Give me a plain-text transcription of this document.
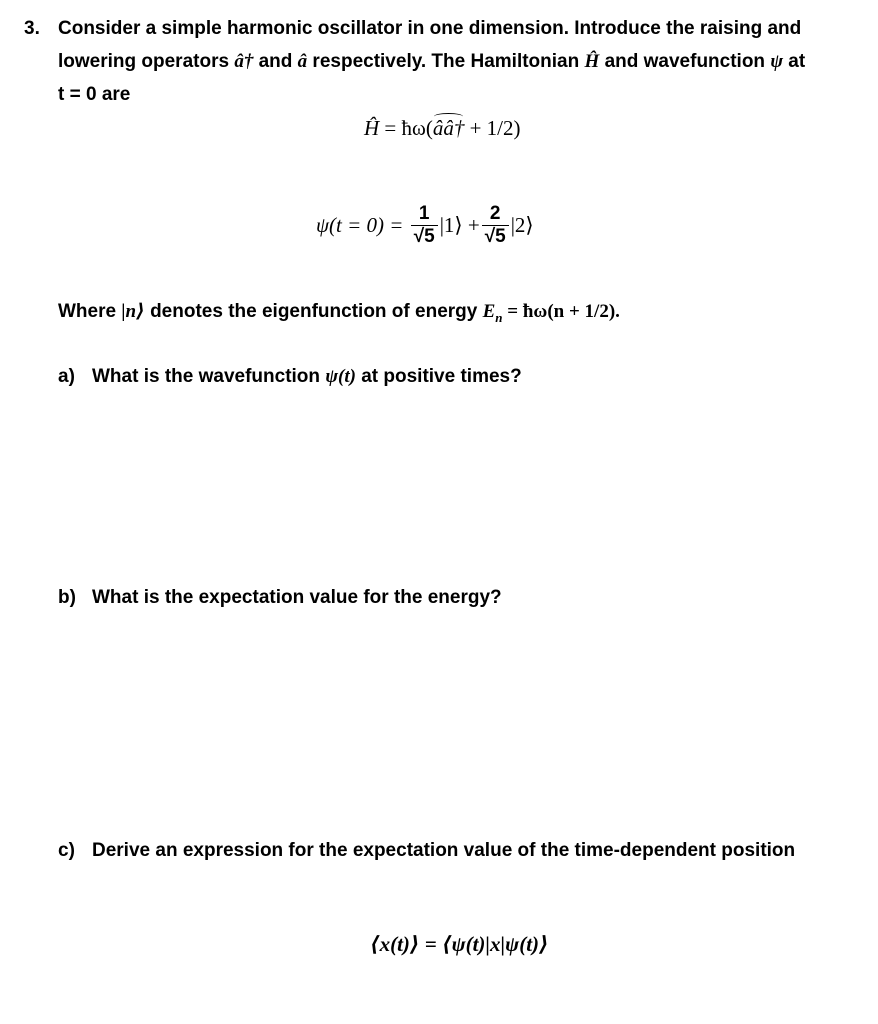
3. Consider a simple harmonic oscillator in one dimension. Introduce the raising and
lowering operators â† and â respectively. The Hamiltonian Ĥ and wavefunction ψ at
t = 0 are
Ĥ = ħω(ââ† + 1/2)
$\psi(t = 0) = \frac{1}{√5}$ |1⟩ + $\frac{2}{√5}$ |2⟩
Where |n⟩ denotes the eigenfunction of energy $E_n$ = ħω(n + 1/2).
a) What is the wavefunction ψ(t) at positive times?
b) What is the expectation value for the energy?
c) Derive an expression for the expectation value of the time-dependent position
⟨x(t)⟩ = ⟨ψ(t)|x|ψ(t)⟩
